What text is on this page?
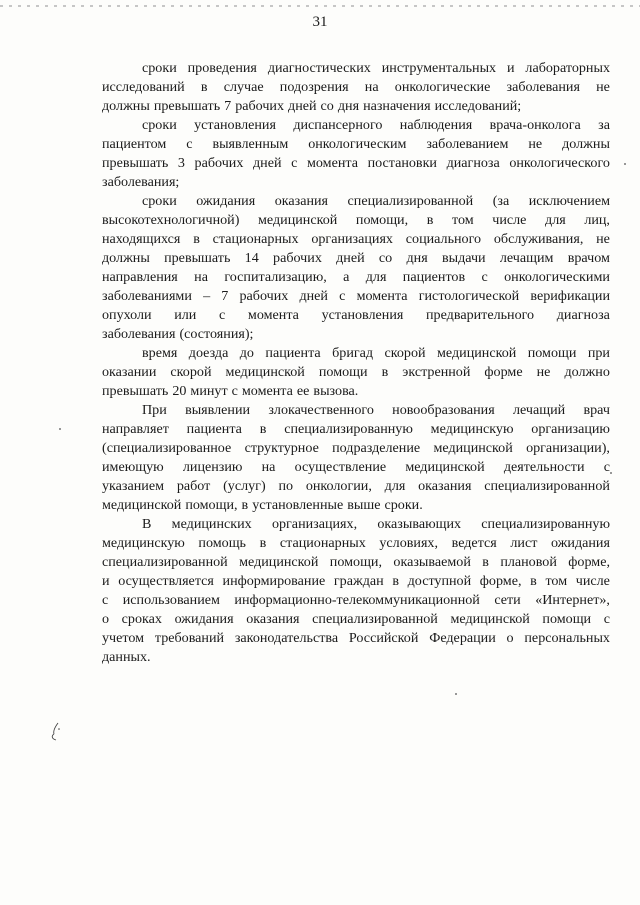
31
сроки проведения диагностических инструментальных и лабораторных
исследований в случае подозрения на онкологические заболевания не
должны превышать 7 рабочих дней со дня назначения исследований;
сроки установления диспансерного наблюдения врача-онколога за
пациентом с выявленным онкологическим заболеванием не должны
превышать 3 рабочих дней с момента постановки диагноза онкологического
заболевания;
сроки ожидания оказания специализированной (за исключением
высокотехнологичной) медицинской помощи, в том числе для лиц,
находящихся в стационарных организациях социального обслуживания, не
должны превышать 14 рабочих дней со дня выдачи лечащим врачом
направления на госпитализацию, а для пациентов с онкологическими
заболеваниями – 7 рабочих дней с момента гистологической верификации
опухоли или с момента установления предварительного диагноза
заболевания (состояния);
время доезда до пациента бригад скорой медицинской помощи при
оказании скорой медицинской помощи в экстренной форме не должно
превышать 20 минут с момента ее вызова.
При выявлении злокачественного новообразования лечащий врач
направляет пациента в специализированную медицинскую организацию
(специализированное структурное подразделение медицинской организации),
имеющую лицензию на осуществление медицинской деятельности с
указанием работ (услуг) по онкологии, для оказания специализированной
медицинской помощи, в установленные выше сроки.
В медицинских организациях, оказывающих специализированную
медицинскую помощь в стационарных условиях, ведется лист ожидания
специализированной медицинской помощи, оказываемой в плановой форме,
и осуществляется информирование граждан в доступной форме, в том числе
с использованием информационно-телекоммуникационной сети «Интернет»,
о сроках ожидания оказания специализированной медицинской помощи с
учетом требований законодательства Российской Федерации о персональных
данных.
